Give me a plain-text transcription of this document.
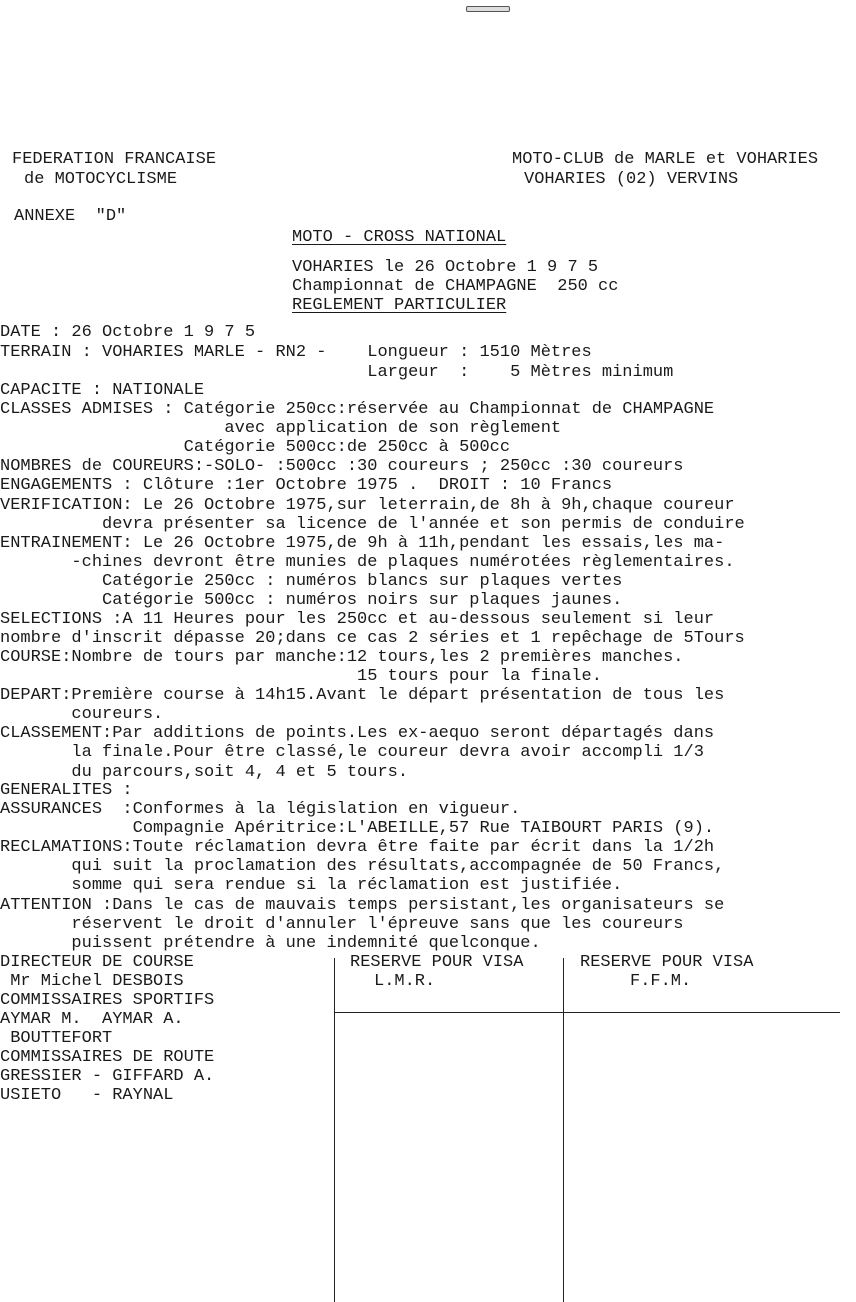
FEDERATION FRANCAISE
de MOTOCYCLISME
MOTO-CLUB de MARLE et VOHARIES
VOHARIES (02) VERVINS
ANNEXE  "D"
MOTO - CROSS NATIONAL
VOHARIES le 26 Octobre 1 9 7 5
Championnat de CHAMPAGNE  250 cc
REGLEMENT PARTICULIER
DATE : 26 Octobre 1 9 7 5
TERRAIN : VOHARIES MARLE - RN2 -    Longueur : 1510 Mètres
Largeur  :    5 Mètres minimum
CAPACITE : NATIONALE
CLASSES ADMISES : Catégorie 250cc:réservée au Championnat de CHAMPAGNE
avec application de son règlement
Catégorie 500cc:de 250cc à 500cc
NOMBRES de COUREURS:-SOLO- :500cc :30 coureurs ; 250cc :30 coureurs
ENGAGEMENTS : Clôture :1er Octobre 1975 .  DROIT : 10 Francs
VERIFICATION: Le 26 Octobre 1975,sur leterrain,de 8h à 9h,chaque coureur
devra présenter sa licence de l'année et son permis de conduire
ENTRAINEMENT: Le 26 Octobre 1975,de 9h à 11h,pendant les essais,les ma-
-chines devront être munies de plaques numérotées règlementaires.
Catégorie 250cc : numéros blancs sur plaques vertes
Catégorie 500cc : numéros noirs sur plaques jaunes.
SELECTIONS :A 11 Heures pour les 250cc et au-dessous seulement si leur
nombre d'inscrit dépasse 20;dans ce cas 2 séries et 1 repêchage de 5Tours
COURSE:Nombre de tours par manche:12 tours,les 2 premières manches.
15 tours pour la finale.
DEPART:Première course à 14h15.Avant le départ présentation de tous les
coureurs.
CLASSEMENT:Par additions de points.Les ex-aequo seront départagés dans
la finale.Pour être classé,le coureur devra avoir accompli 1/3
du parcours,soit 4, 4 et 5 tours.
GENERALITES :
ASSURANCES  :Conformes à la législation en vigueur.
Compagnie Apéritrice:L'ABEILLE,57 Rue TAIBOURT PARIS (9).
RECLAMATIONS:Toute réclamation devra être faite par écrit dans la 1/2h
qui suit la proclamation des résultats,accompagnée de 50 Francs,
somme qui sera rendue si la réclamation est justifiée.
ATTENTION :Dans le cas de mauvais temps persistant,les organisateurs se
réservent le droit d'annuler l'épreuve sans que les coureurs
puissent prétendre à une indemnité quelconque.
DIRECTEUR DE COURSE
Mr Michel DESBOIS
COMMISSAIRES SPORTIFS
AYMAR M.  AYMAR A.
BOUTTEFORT
COMMISSAIRES DE ROUTE
GRESSIER - GIFFARD A.
USIETO   - RAYNAL
RESERVE POUR VISA
L.M.R.
RESERVE POUR VISA
F.F.M.
